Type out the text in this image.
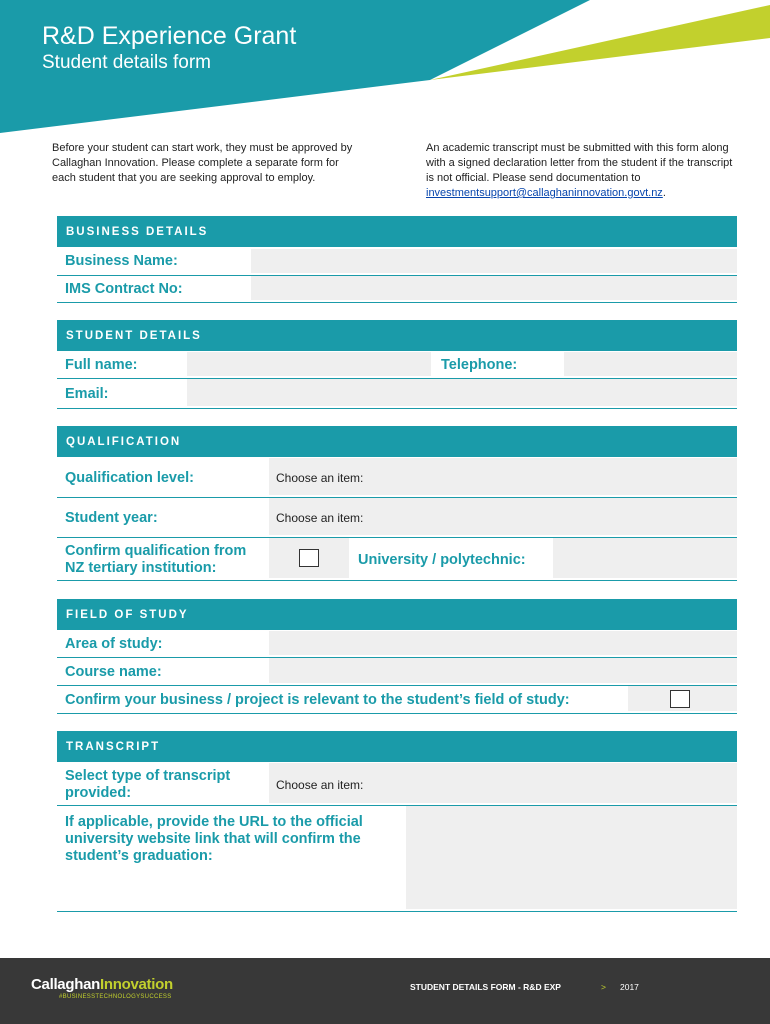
R&D Experience Grant
Student details form
Before your student can start work, they must be approved by Callaghan Innovation. Please complete a separate form for each student that you are seeking approval to employ.
An academic transcript must be submitted with this form along with a signed declaration letter from the student if the transcript is not official. Please send documentation to investmentsupport@callaghaninnovation.govt.nz.
BUSINESS DETAILS
Business Name:
IMS Contract No:
STUDENT DETAILS
Full name:	Telephone:
Email:
QUALIFICATION
Qualification level:	Choose an item:
Student year:	Choose an item:
Confirm qualification from
NZ tertiary institution:	University / polytechnic:
FIELD OF STUDY
Area of study:
Course name:
Confirm your business / project is relevant to the student’s field of study:
TRANSCRIPT
Select type of transcript
provided:	Choose an item:
If applicable, provide the URL to the official
university website link that will confirm the
student’s graduation:
CallaghanInnovation
#BUSINESSTECHNOLOGYSUCCESS
STUDENT DETAILS FORM - R&D EXP	> 2017
